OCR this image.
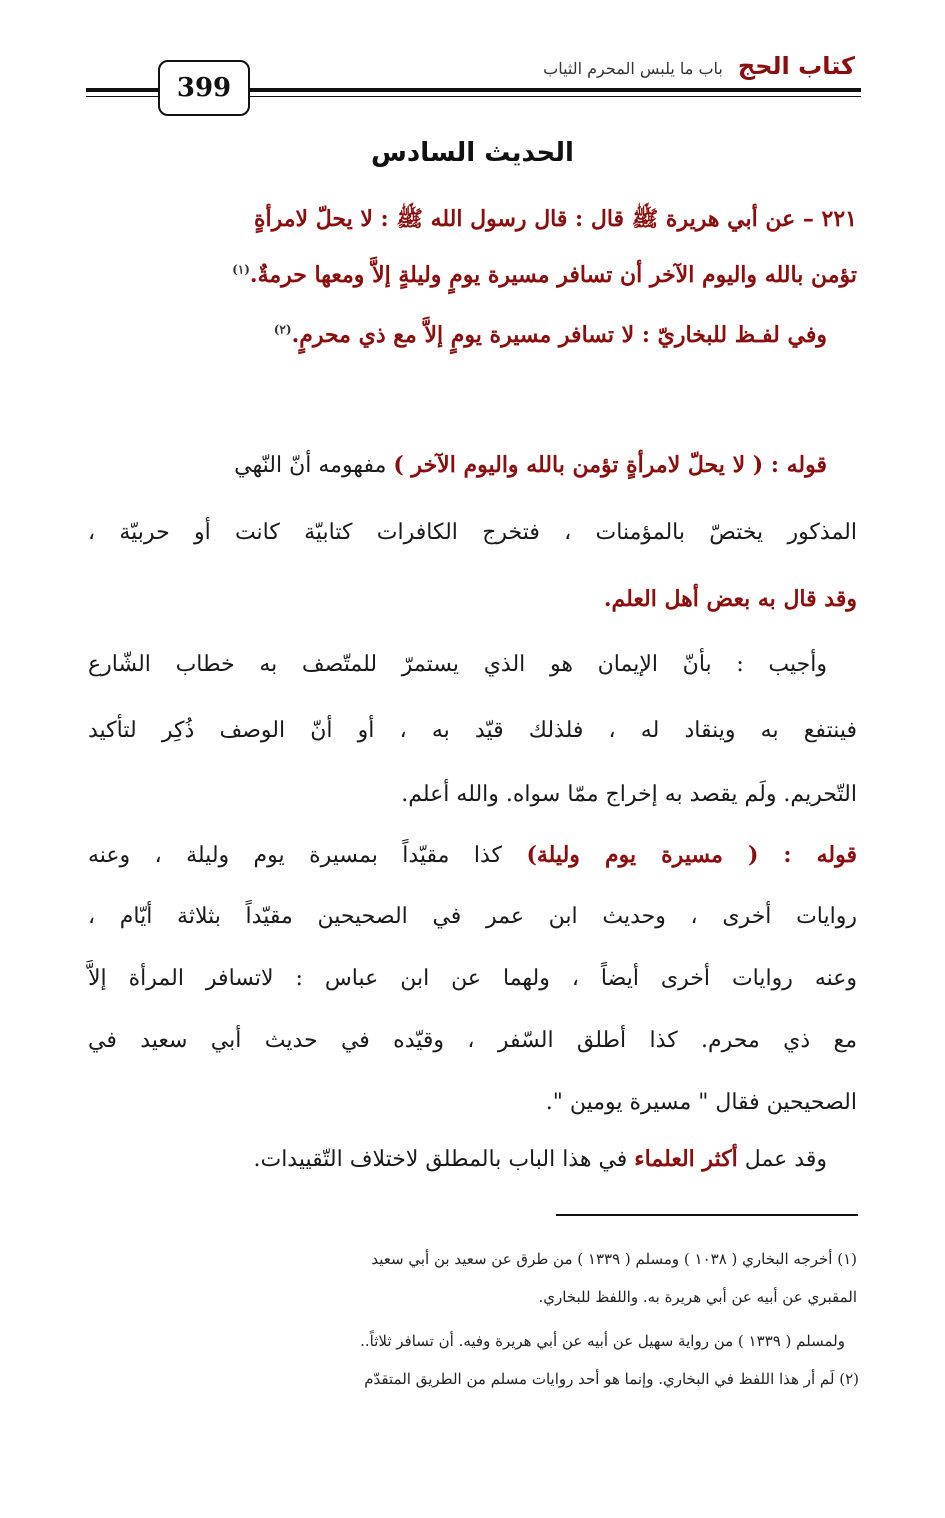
كتاب الحج باب ما يلبس المحرم الثياب
399
الحديث السادس
٢٢١ – عن أبي هريرة ﷺ قال : قال رسول الله ﷺ : لا يحلّ لامرأةٍ
تؤمن بالله واليوم الآخر أن تسافر مسيرة يومٍ وليلةٍ إلاَّ ومعها حرمةٌ.$^{(١)}$
وفي لفـظ للبخاريّ : لا تسافر مسيرة يومٍ إلاَّ مع ذي محرمٍ.$^{(٢)}$
قوله : ( لا يحلّ لامرأةٍ تؤمن بالله واليوم الآخر ) مفهومه أنّ النّهي
المذكور يختصّ بالمؤمنات ، فتخرج الكافرات كتابيّة كانت أو حربيّة ،
وقد قال به بعض أهل العلم.
وأجيب : بأنّ الإيمان هو الذي يستمرّ للمتّصف به خطاب الشّارع
فينتفع به وينقاد له ، فلذلك قيّد به ، أو أنّ الوصف ذُكِر لتأكيد
التّحريم. ولَم يقصد به إخراج ممّا سواه. والله أعلم.
قوله : ( مسيرة يوم وليلة) كذا مقيّداً بمسيرة يوم وليلة ، وعنه
روايات أخرى ، وحديث ابن عمر في الصحيحين مقيّداً بثلاثة أيّام ،
وعنه روايات أخرى أيضاً ، ولهما عن ابن عباس : لاتسافر المرأة إلاَّ
مع ذي محرم. كذا أطلق السّفر ، وقيّده في حديث أبي سعيد في
الصحيحين فقال " مسيرة يومين ".
وقد عمل أكثر العلماء في هذا الباب بالمطلق لاختلاف التّقييدات.
(١) أخرجه البخاري ( ١٠٣٨ ) ومسلم ( ١٣٣٩ ) من طرق عن سعيد بن أبي سعيد
المقبري عن أبيه عن أبي هريرة به. واللفظ للبخاري.
ولمسلم ( ١٣٣٩ ) من رواية سهيل عن أبيه عن أبي هريرة وفيه. أن تسافر ثلاثاً..
(٢) لَم أر هذا اللفظ في البخاري. وإنما هو أحد روايات مسلم من الطريق المتقدّم
